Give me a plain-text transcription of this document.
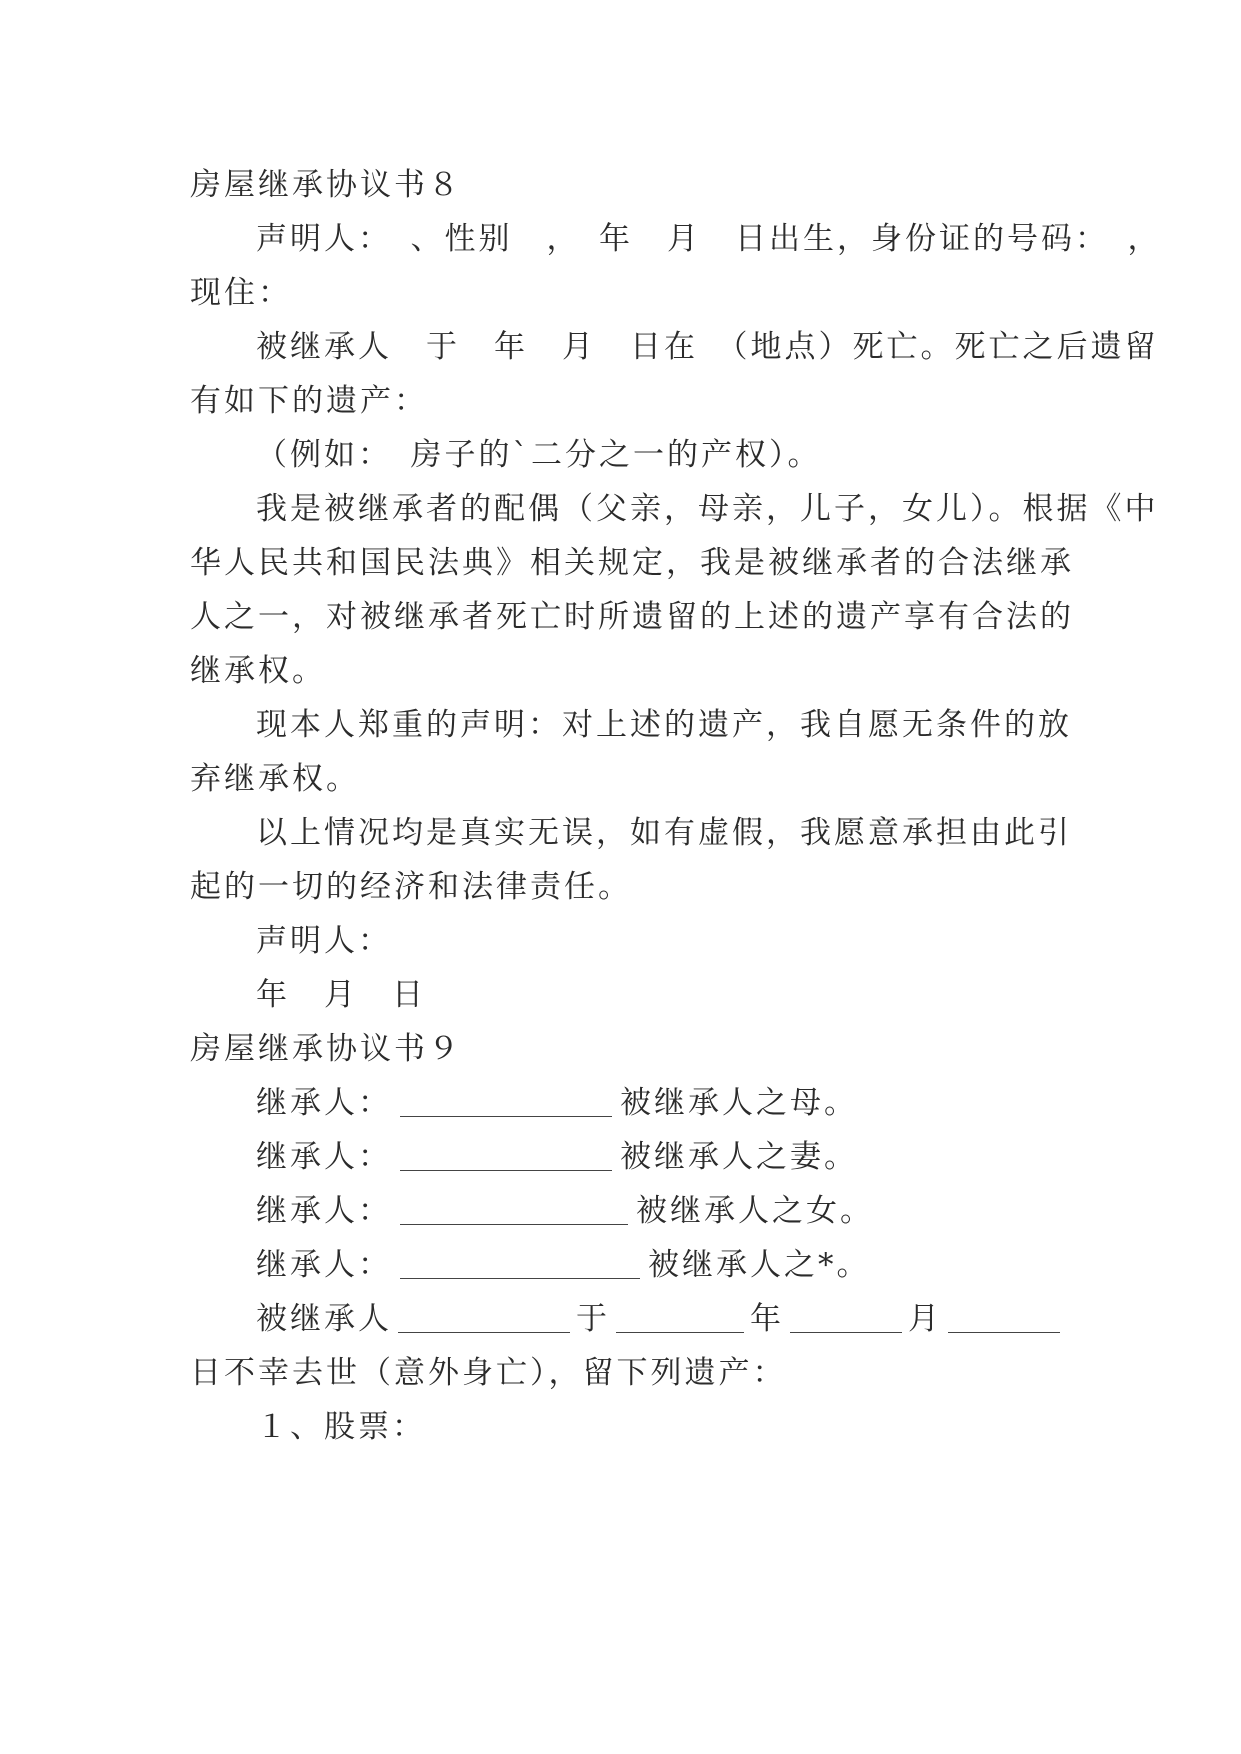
房屋继承协议书８
声明人：　、性别　，　年　月　日出生，身份证的号码：　，
现住：
被继承人　于　年　月　日在　（地点）死亡。死亡之后遗留
有如下的遗产：
（例如：　房子的`二分之一的产权）。
我是被继承者的配偶（父亲，母亲，儿子，女儿）。根据《中
华人民共和国民法典》相关规定，我是被继承者的合法继承
人之一，对被继承者死亡时所遗留的上述的遗产享有合法的
继承权。
现本人郑重的声明：对上述的遗产，我自愿无条件的放
弃继承权。
以上情况均是真实无误，如有虚假，我愿意承担由此引
起的一切的经济和法律责任。
声明人：
年　月　日
房屋继承协议书９
继承人：	被继承人之母。
继承人：	被继承人之妻。
继承人：	被继承人之女。
继承人：	被继承人之*。
被继承人	于	年	月
日不幸去世（意外身亡），留下列遗产：
１、股票：
